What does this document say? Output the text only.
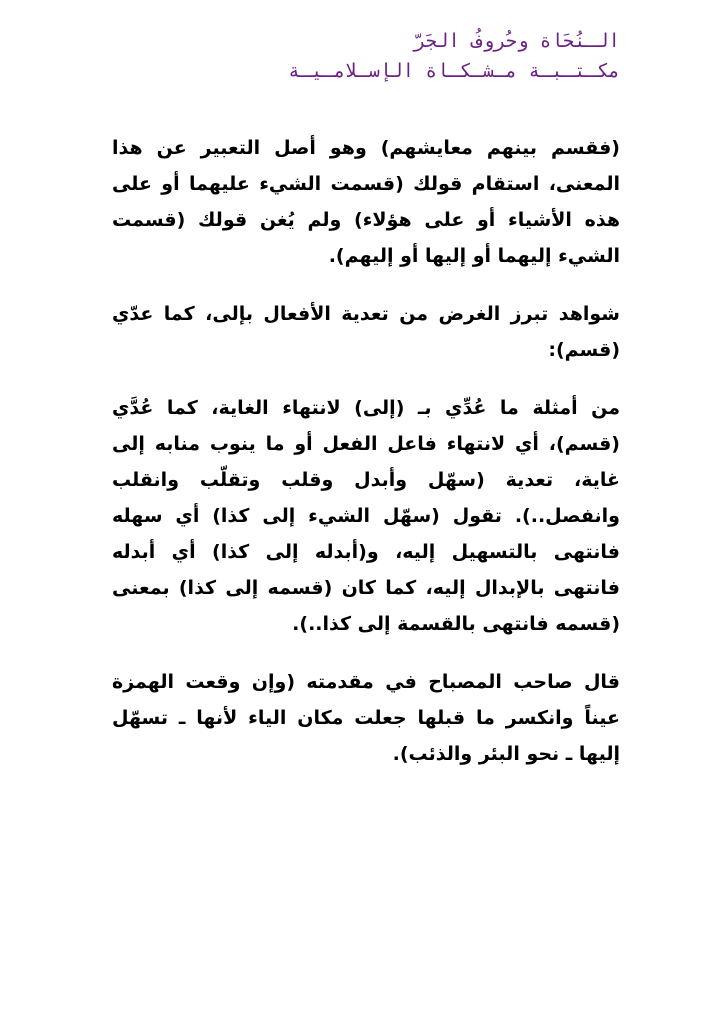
الـنُحَاة وحُروفُ الجَرّ
مكـتـبـة مـشـكـاة الإسـلامـيـة

(فقسم بينهم معايشهم) وهو أصل التعبير عن هذا
المعنى، استقام قولك (قسمت الشيء عليهما أو على
هذه الأشياء أو على هؤلاء) ولم يُغن قولك (قسمت
الشيء إليهما أو إليها أو إليهم).

شواهد تبرز الغرض من تعدية الأفعال بإلى، كما عدّي
(قسم):

من أمثلة ما عُدِّي بـ (إلى) لانتهاء الغاية، كما عُدَّي
(قسم)، أي لانتهاء فاعل الفعل أو ما ينوب منابه إلى
غاية، تعدية (سهّل وأبدل وقلب وتقلّب وانقلب
وانفصل..). تقول (سهّل الشيء إلى كذا) أي سهله
فانتهى بالتسهيل إليه، و(أبدله إلى كذا) أي أبدله
فانتهى بالإبدال إليه، كما كان (قسمه إلى كذا) بمعنى
(قسمه فانتهى بالقسمة إلى كذا..).

قال صاحب المصباح في مقدمته (وإن وقعت الهمزة
عيناً وانكسر ما قبلها جعلت مكان الياء لأنها ـ تسهّل
إليها ـ نحو البئر والذئب).
